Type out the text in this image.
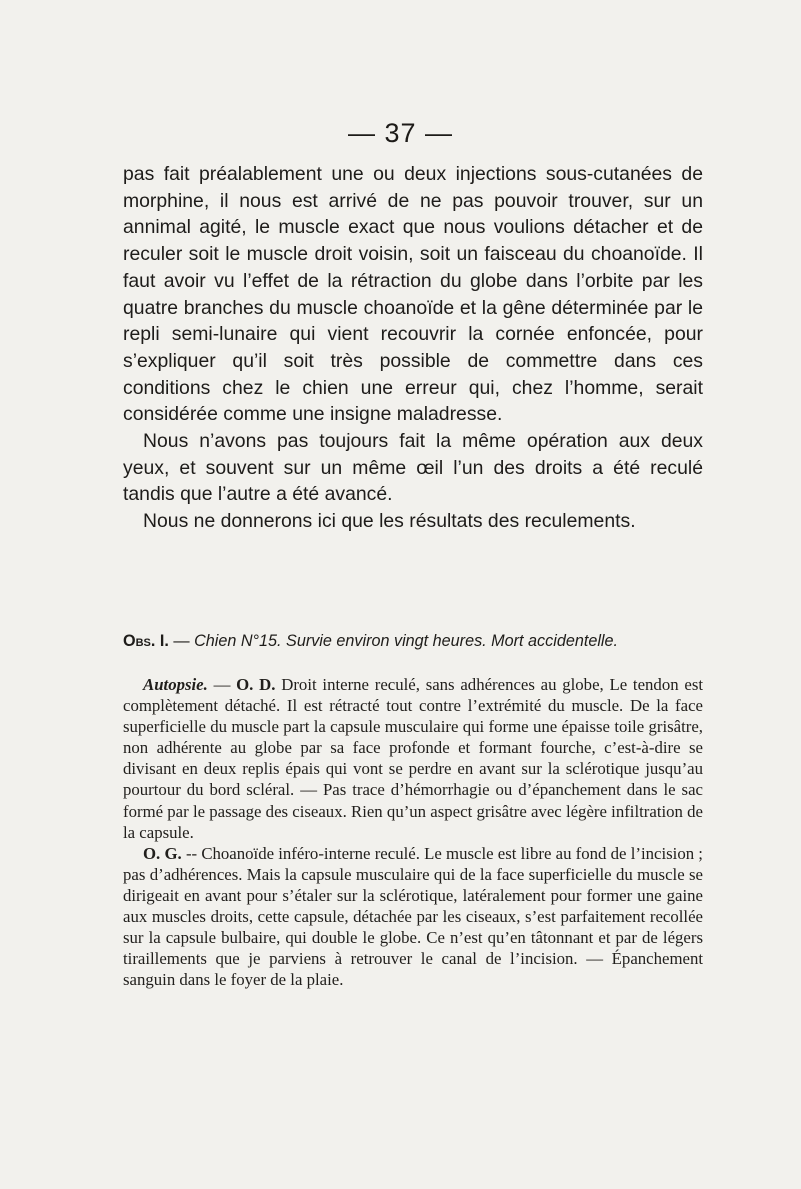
— 37 —

pas fait préalablement une ou deux injections sous-cutanées de morphine, il nous est arrivé de ne pas pouvoir trouver, sur un annimal agité, le muscle exact que nous voulions détacher et de reculer soit le muscle droit voisin, soit un faisceau du choanoïde. Il faut avoir vu l’effet de la rétraction du globe dans l’orbite par les quatre branches du muscle choanoïde et la gêne déterminée par le repli semi-lunaire qui vient recouvrir la cornée enfoncée, pour s’expliquer qu’il soit très possible de commettre dans ces conditions chez le chien une erreur qui, chez l’homme, serait considérée comme une insigne maladresse.

Nous n’avons pas toujours fait la même opération aux deux yeux, et souvent sur un même œil l’un des droits a été reculé tandis que l’autre a été avancé.

Nous ne donnerons ici que les résultats des reculements.

Obs. I. — Chien N°15. Survie environ vingt heures. Mort accidentelle.

Autopsie. — O. D. Droit interne reculé, sans adhérences au globe, Le tendon est complètement détaché. Il est rétracté tout contre l’extrémité du muscle. De la face superficielle du muscle part la capsule musculaire qui forme une épaisse toile grisâtre, non adhérente au globe par sa face profonde et formant fourche, c’est-à-dire se divisant en deux replis épais qui vont se perdre en avant sur la sclérotique jusqu’au pourtour du bord scléral. — Pas trace d’hémorrhagie ou d’épanchement dans le sac formé par le passage des ciseaux. Rien qu’un aspect grisâtre avec légère infiltration de la capsule.

O. G. -- Choanoïde inféro-interne reculé. Le muscle est libre au fond de l’incision ; pas d’adhérences. Mais la capsule musculaire qui de la face superficielle du muscle se dirigeait en avant pour s’étaler sur la sclérotique, latéralement pour former une gaine aux muscles droits, cette capsule, détachée par les ciseaux, s’est parfaitement recollée sur la capsule bulbaire, qui double le globe. Ce n’est qu’en tâtonnant et par de légers tiraillements que je parviens à retrouver le canal de l’incision. — Épanchement sanguin dans le foyer de la plaie.
